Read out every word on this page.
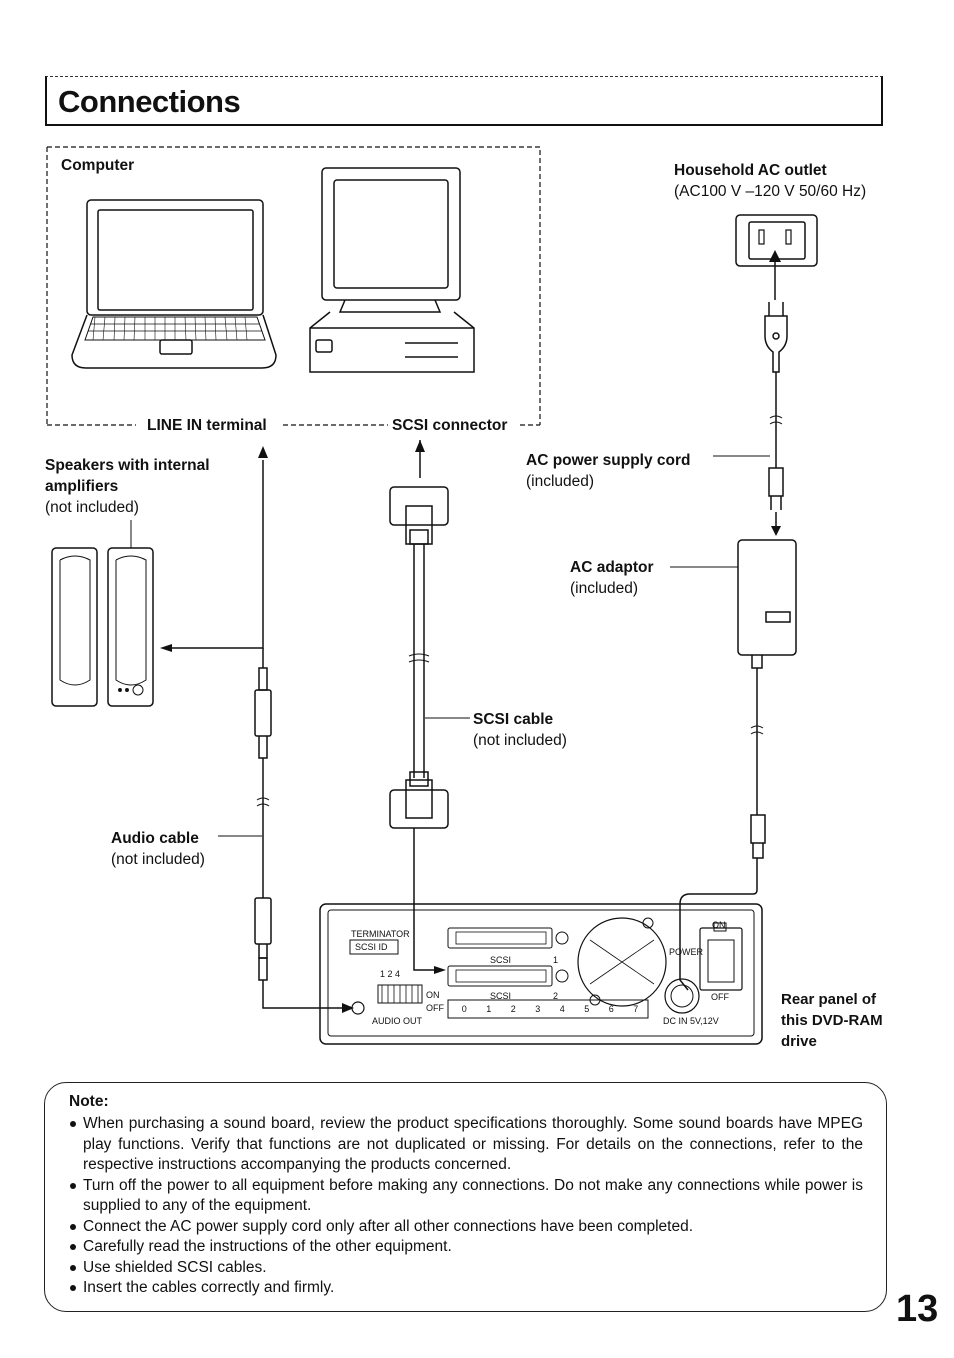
Connections
Computer	Household AC outlet
(AC100 V –120 V 50/60 Hz)
LINE IN terminal	SCSI connector
Speakers with internal amplifiers
(not included)
AC power supply cord
(included)
AC adaptor
(included)
SCSI cable
(not included)
Audio cable
(not included)
Rear panel of this DVD-RAM drive
TERMINATOR
SCSI ID
1 2 4
SCSI	1
SCSI	2
ON
OFF
AUDIO OUT
POWER
ON
OFF
DC IN 5V,12V
0 1 2 3 4 5 6 7
Note:
When purchasing a sound board, review the product specifications thoroughly. Some sound boards have MPEG play functions. Verify that functions are not duplicated or missing. For details on the connections, refer to the respective instructions accompanying the products concerned.
Turn off the power to all equipment before making any connections. Do not make any connections while power is supplied to any of the equipment.
Connect the AC power supply cord only after all other connections have been completed.
Carefully read the instructions of the other equipment.
Use shielded SCSI cables.
Insert the cables correctly and firmly.
13
